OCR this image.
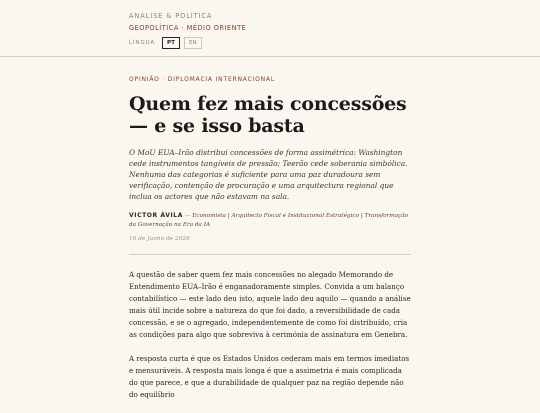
ANÁLISE & POLÍTICA
GEOPOLÍTICA · MÉDIO ORIENTE
LÍNGUA	PT	EN
OPINIÃO · DIPLOMACIA INTERNACIONAL
Quem fez mais concessões — e se isso basta

O MoU EUA–Irão distribui concessões de forma assimétrica: Washington cede instrumentos tangíveis de pressão; Teerão cede soberania simbólica. Nenhuma das categorias é suficiente para uma paz duradoura sem verificação, contenção de procuração e uma arquitectura regional que inclua os actores que não estavam na sala.

VICTOR ÁVILA — Economista | Arquitecto Fiscal e Institucional Estratégico | Transformação da Governação na Era da IA
16 de Junho de 2026

A questão de saber quem fez mais concessões no alegado Memorando de Entendimento EUA–Irão é enganadoramente simples. Convida a um balanço contabilístico — este lado deu isto, aquele lado deu aquilo — quando a análise mais útil incide sobre a natureza do que foi dado, a reversibilidade de cada concessão, e se o agregado, independentemente de como foi distribuído, cria as condições para algo que sobreviva à cerimónia de assinatura em Genebra.

A resposta curta é que os Estados Unidos cederam mais em termos imediatos e mensuráveis. A resposta mais longa é que a assimetria é mais complicada do que parece, e que a durabilidade de qualquer paz na região depende não do equilíbrio
